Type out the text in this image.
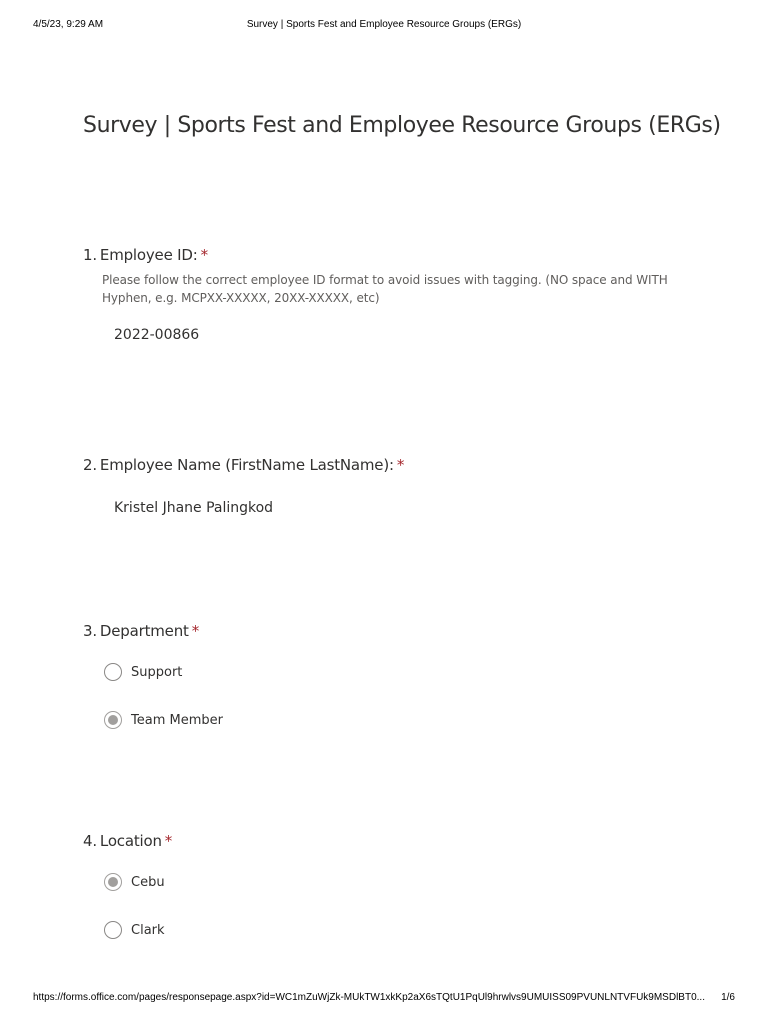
4/5/23, 9:29 AM	Survey | Sports Fest and Employee Resource Groups (ERGs)
Survey | Sports Fest and Employee Resource Groups (ERGs)
1. Employee ID: *
Please follow the correct employee ID format to avoid issues with tagging. (NO space and WITH Hyphen, e.g. MCPXX-XXXXX, 20XX-XXXXX, etc)
2022-00866
2. Employee Name (FirstName LastName): *
Kristel Jhane Palingkod
3. Department *
Support
Team Member
4. Location *
Cebu
Clark
https://forms.office.com/pages/responsepage.aspx?id=WC1mZuWjZk-MUkTW1xkKp2aX6sTQtU1PqUl9hrwlvs9UMUISS09PVUNLNTVFUk9MSDlBT0...	1/6
